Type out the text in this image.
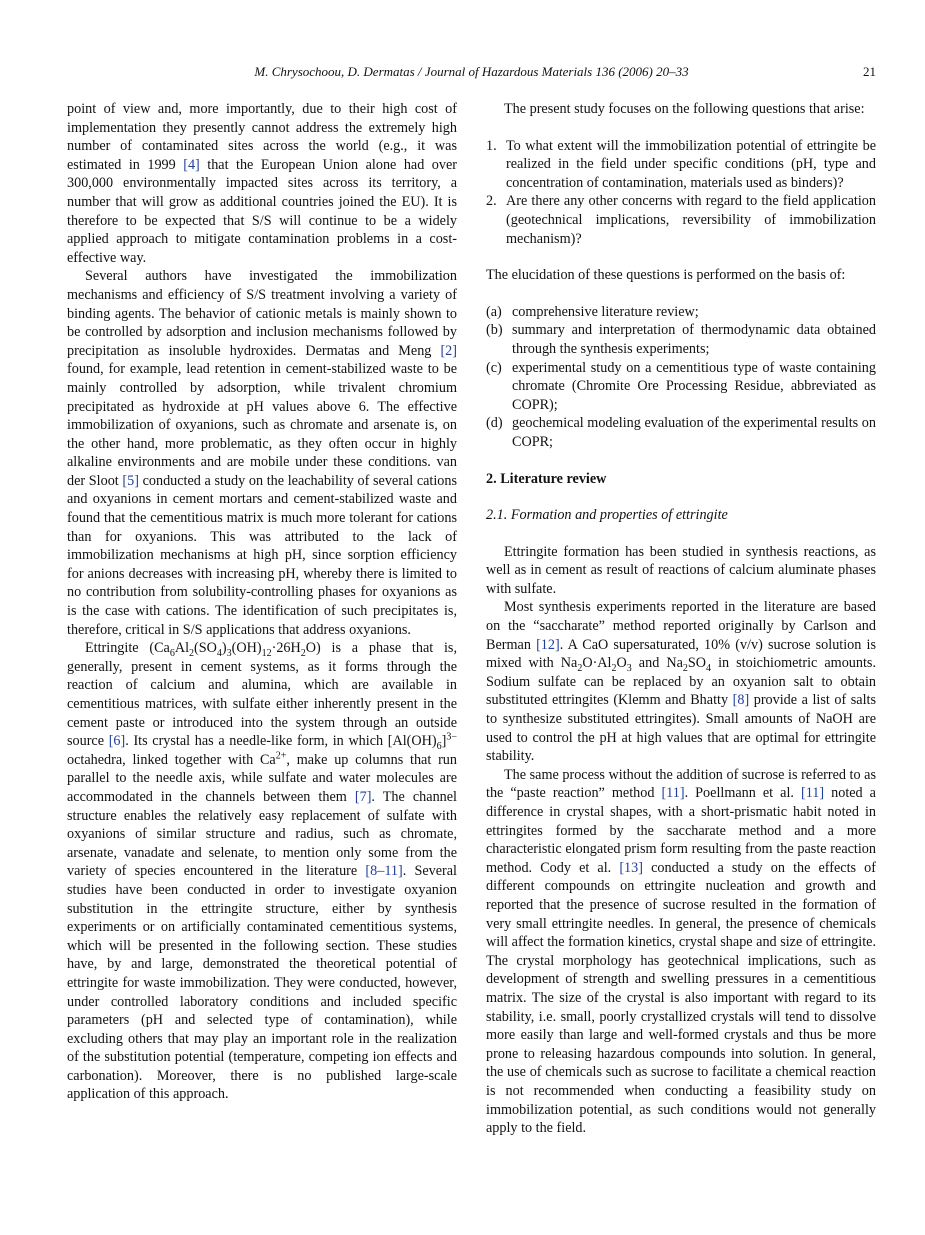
M. Chrysochoou, D. Dermatas / Journal of Hazardous Materials 136 (2006) 20–33	21

point of view and, more importantly, due to their high cost of implementation they presently cannot address the extremely high number of contaminated sites across the world (e.g., it was estimated in 1999 [4] that the European Union alone had over 300,000 environmentally impacted sites across its territory, a number that will grow as additional countries joined the EU). It is therefore to be expected that S/S will continue to be a widely applied approach to mitigate contamination problems in a cost-effective way.

Several authors have investigated the immobilization mechanisms and efficiency of S/S treatment involving a variety of binding agents. The behavior of cationic metals is mainly shown to be controlled by adsorption and inclusion mechanisms followed by precipitation as insoluble hydroxides. Dermatas and Meng [2] found, for example, lead retention in cement-stabilized waste to be mainly controlled by adsorption, while trivalent chromium precipitated as hydroxide at pH values above 6. The effective immobilization of oxyanions, such as chromate and arsenate is, on the other hand, more problematic, as they often occur in highly alkaline environments and are mobile under these conditions. van der Sloot [5] conducted a study on the leachability of several cations and oxyanions in cement mortars and cement-stabilized waste and found that the cementitious matrix is much more tolerant for cations than for oxyanions. This was attributed to the lack of immobilization mechanisms at high pH, since sorption efficiency for anions decreases with increasing pH, whereby there is limited to no contribution from solubility-controlling phases for oxyanions as is the case with cations. The identification of such precipitates is, therefore, critical in S/S applications that address oxyanions.

Ettringite $(Ca_6Al_2(SO_4)_3(OH)_{12}\cdot 26H_2O)$ is a phase that is, generally, present in cement systems, as it forms through the reaction of calcium and alumina, which are available in cementitious matrices, with sulfate either inherently present in the cement paste or introduced into the system through an outside source [6]. Its crystal has a needle-like form, in which $[Al(OH)_6]^{3-}$ octahedra, linked together with $Ca^{2+}$, make up columns that run parallel to the needle axis, while sulfate and water molecules are accommodated in the channels between them [7]. The channel structure enables the relatively easy replacement of sulfate with oxyanions of similar structure and radius, such as chromate, arsenate, vanadate and selenate, to mention only some from the variety of species encountered in the literature [8–11]. Several studies have been conducted in order to investigate oxyanion substitution in the ettringite structure, either by synthesis experiments or on artificially contaminated cementitious systems, which will be presented in the following section. These studies have, by and large, demonstrated the theoretical potential of ettringite for waste immobilization. They were conducted, however, under controlled laboratory conditions and included specific parameters (pH and selected type of contamination), while excluding others that may play an important role in the realization of the substitution potential (temperature, competing ion effects and carbonation). Moreover, there is no published large-scale application of this approach.

The present study focuses on the following questions that arise:

1. To what extent will the immobilization potential of ettringite be realized in the field under specific conditions (pH, type and concentration of contamination, materials used as binders)?
2. Are there any other concerns with regard to the field application (geotechnical implications, reversibility of immobilization mechanism)?

The elucidation of these questions is performed on the basis of:

(a) comprehensive literature review;
(b) summary and interpretation of thermodynamic data obtained through the synthesis experiments;
(c) experimental study on a cementitious type of waste containing chromate (Chromite Ore Processing Residue, abbreviated as COPR);
(d) geochemical modeling evaluation of the experimental results on COPR;
2. Literature review
2.1. Formation and properties of ettringite

Ettringite formation has been studied in synthesis reactions, as well as in cement as result of reactions of calcium aluminate phases with sulfate.

Most synthesis experiments reported in the literature are based on the “saccharate” method reported originally by Carlson and Berman [12]. A CaO supersaturated, 10% (v/v) sucrose solution is mixed with $Na_2O\cdot Al_2O_3$ and $Na_2SO_4$ in stoichiometric amounts. Sodium sulfate can be replaced by an oxyanion salt to obtain substituted ettringites (Klemm and Bhatty [8] provide a list of salts to synthesize substituted ettringites). Small amounts of NaOH are used to control the pH at high values that are optimal for ettringite stability.

The same process without the addition of sucrose is referred to as the “paste reaction” method [11]. Poellmann et al. [11] noted a difference in crystal shapes, with a short-prismatic habit noted in ettringites formed by the saccharate method and a more characteristic elongated prism form resulting from the paste reaction method. Cody et al. [13] conducted a study on the effects of different compounds on ettringite nucleation and growth and reported that the presence of sucrose resulted in the formation of very small ettringite needles. In general, the presence of chemicals will affect the formation kinetics, crystal shape and size of ettringite. The crystal morphology has geotechnical implications, such as development of strength and swelling pressures in a cementitious matrix. The size of the crystal is also important with regard to its stability, i.e. small, poorly crystallized crystals will tend to dissolve more easily than large and well-formed crystals and thus be more prone to releasing hazardous compounds into solution. In general, the use of chemicals such as sucrose to facilitate a chemical reaction is not recommended when conducting a feasibility study on immobilization potential, as such conditions would not generally apply to the field.
